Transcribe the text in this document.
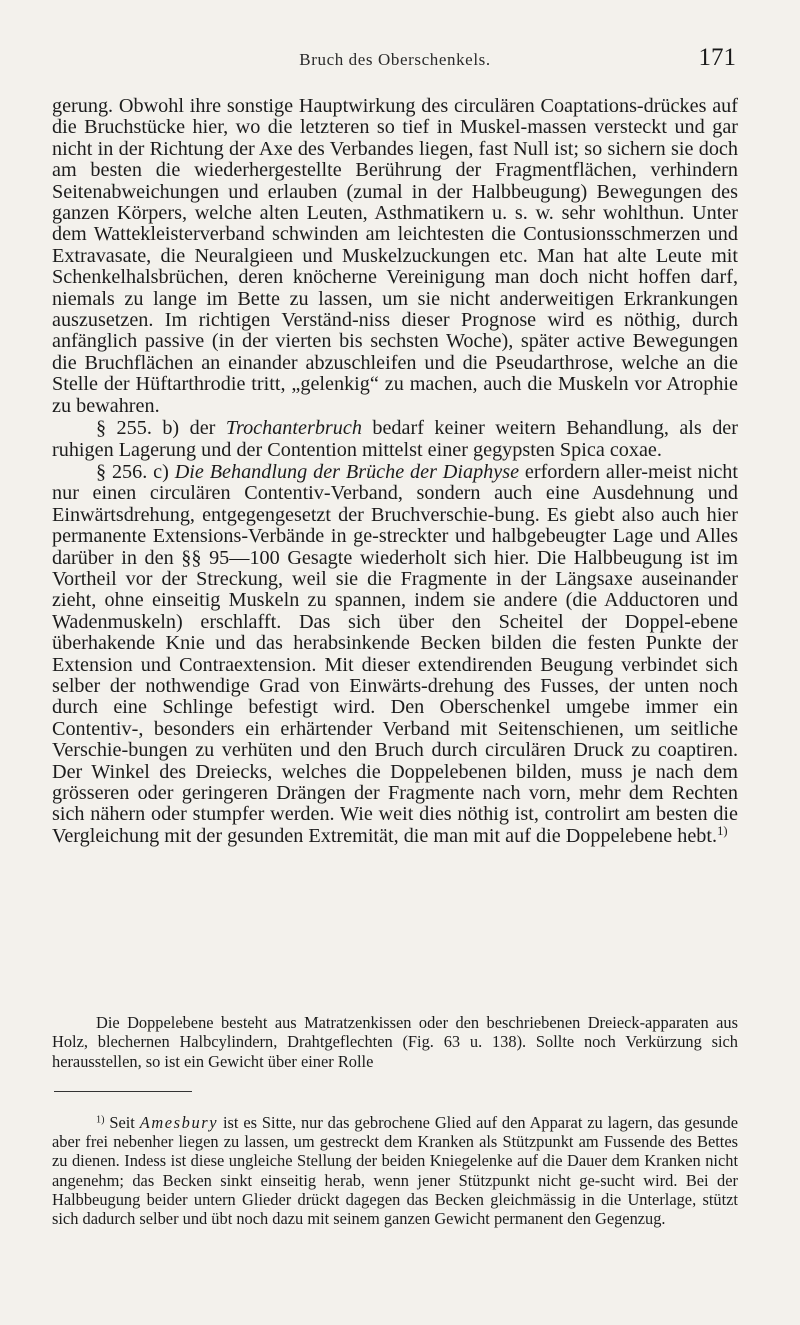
Bruch des Oberschenkels.	171

gerung. Obwohl ihre sonstige Hauptwirkung des circulären Coaptations-drückes auf die Bruchstücke hier, wo die letzteren so tief in Muskel-massen versteckt und gar nicht in der Richtung der Axe des Verbandes liegen, fast Null ist; so sichern sie doch am besten die wiederhergestellte Berührung der Fragmentflächen, verhindern Seitenabweichungen und erlauben (zumal in der Halbbeugung) Bewegungen des ganzen Körpers, welche alten Leuten, Asthmatikern u. s. w. sehr wohlthun. Unter dem Wattekleisterverband schwinden am leichtesten die Contusionsschmerzen und Extravasate, die Neuralgieen und Muskelzuckungen etc. Man hat alte Leute mit Schenkelhalsbrüchen, deren knöcherne Vereinigung man doch nicht hoffen darf, niemals zu lange im Bette zu lassen, um sie nicht anderweitigen Erkrankungen auszusetzen. Im richtigen Verständ-niss dieser Prognose wird es nöthig, durch anfänglich passive (in der vierten bis sechsten Woche), später active Bewegungen die Bruchflächen an einander abzuschleifen und die Pseudarthrose, welche an die Stelle der Hüftarthrodie tritt, „gelenkig“ zu machen, auch die Muskeln vor Atrophie zu bewahren.

§ 255. b) der Trochanterbruch bedarf keiner weitern Behandlung, als der ruhigen Lagerung und der Contention mittelst einer gegypsten Spica coxae.

§ 256. c) Die Behandlung der Brüche der Diaphyse erfordern aller-meist nicht nur einen circulären Contentiv-Verband, sondern auch eine Ausdehnung und Einwärtsdrehung, entgegengesetzt der Bruchverschie-bung. Es giebt also auch hier permanente Extensions-Verbände in ge-streckter und halbgebeugter Lage und Alles darüber in den §§ 95—100 Gesagte wiederholt sich hier. Die Halbbeugung ist im Vortheil vor der Streckung, weil sie die Fragmente in der Längsaxe auseinander zieht, ohne einseitig Muskeln zu spannen, indem sie andere (die Adductoren und Wadenmuskeln) erschlafft. Das sich über den Scheitel der Doppel-ebene überhakende Knie und das herabsinkende Becken bilden die festen Punkte der Extension und Contraextension. Mit dieser extendirenden Beugung verbindet sich selber der nothwendige Grad von Einwärts-drehung des Fusses, der unten noch durch eine Schlinge befestigt wird. Den Oberschenkel umgebe immer ein Contentiv-, besonders ein erhärtender Verband mit Seitenschienen, um seitliche Verschie-bungen zu verhüten und den Bruch durch circulären Druck zu coaptiren. Der Winkel des Dreiecks, welches die Doppelebenen bilden, muss je nach dem grösseren oder geringeren Drängen der Fragmente nach vorn, mehr dem Rechten sich nähern oder stumpfer werden. Wie weit dies nöthig ist, controlirt am besten die Vergleichung mit der gesunden Extremität, die man mit auf die Doppelebene hebt.$^{1)}$

Die Doppelebene besteht aus Matratzenkissen oder den beschriebenen Dreieck-apparaten aus Holz, blechernen Halbcylindern, Drahtgeflechten (Fig. 63 u. 138). Sollte noch Verkürzung sich herausstellen, so ist ein Gewicht über einer Rolle

$^{1)}$ Seit Amesbury ist es Sitte, nur das gebrochene Glied auf den Apparat zu lagern, das gesunde aber frei nebenher liegen zu lassen, um gestreckt dem Kranken als Stützpunkt am Fussende des Bettes zu dienen. Indess ist diese ungleiche Stellung der beiden Kniegelenke auf die Dauer dem Kranken nicht angenehm; das Becken sinkt einseitig herab, wenn jener Stützpunkt nicht ge-sucht wird. Bei der Halbbeugung beider untern Glieder drückt dagegen das Becken gleichmässig in die Unterlage, stützt sich dadurch selber und übt noch dazu mit seinem ganzen Gewicht permanent den Gegenzug.
